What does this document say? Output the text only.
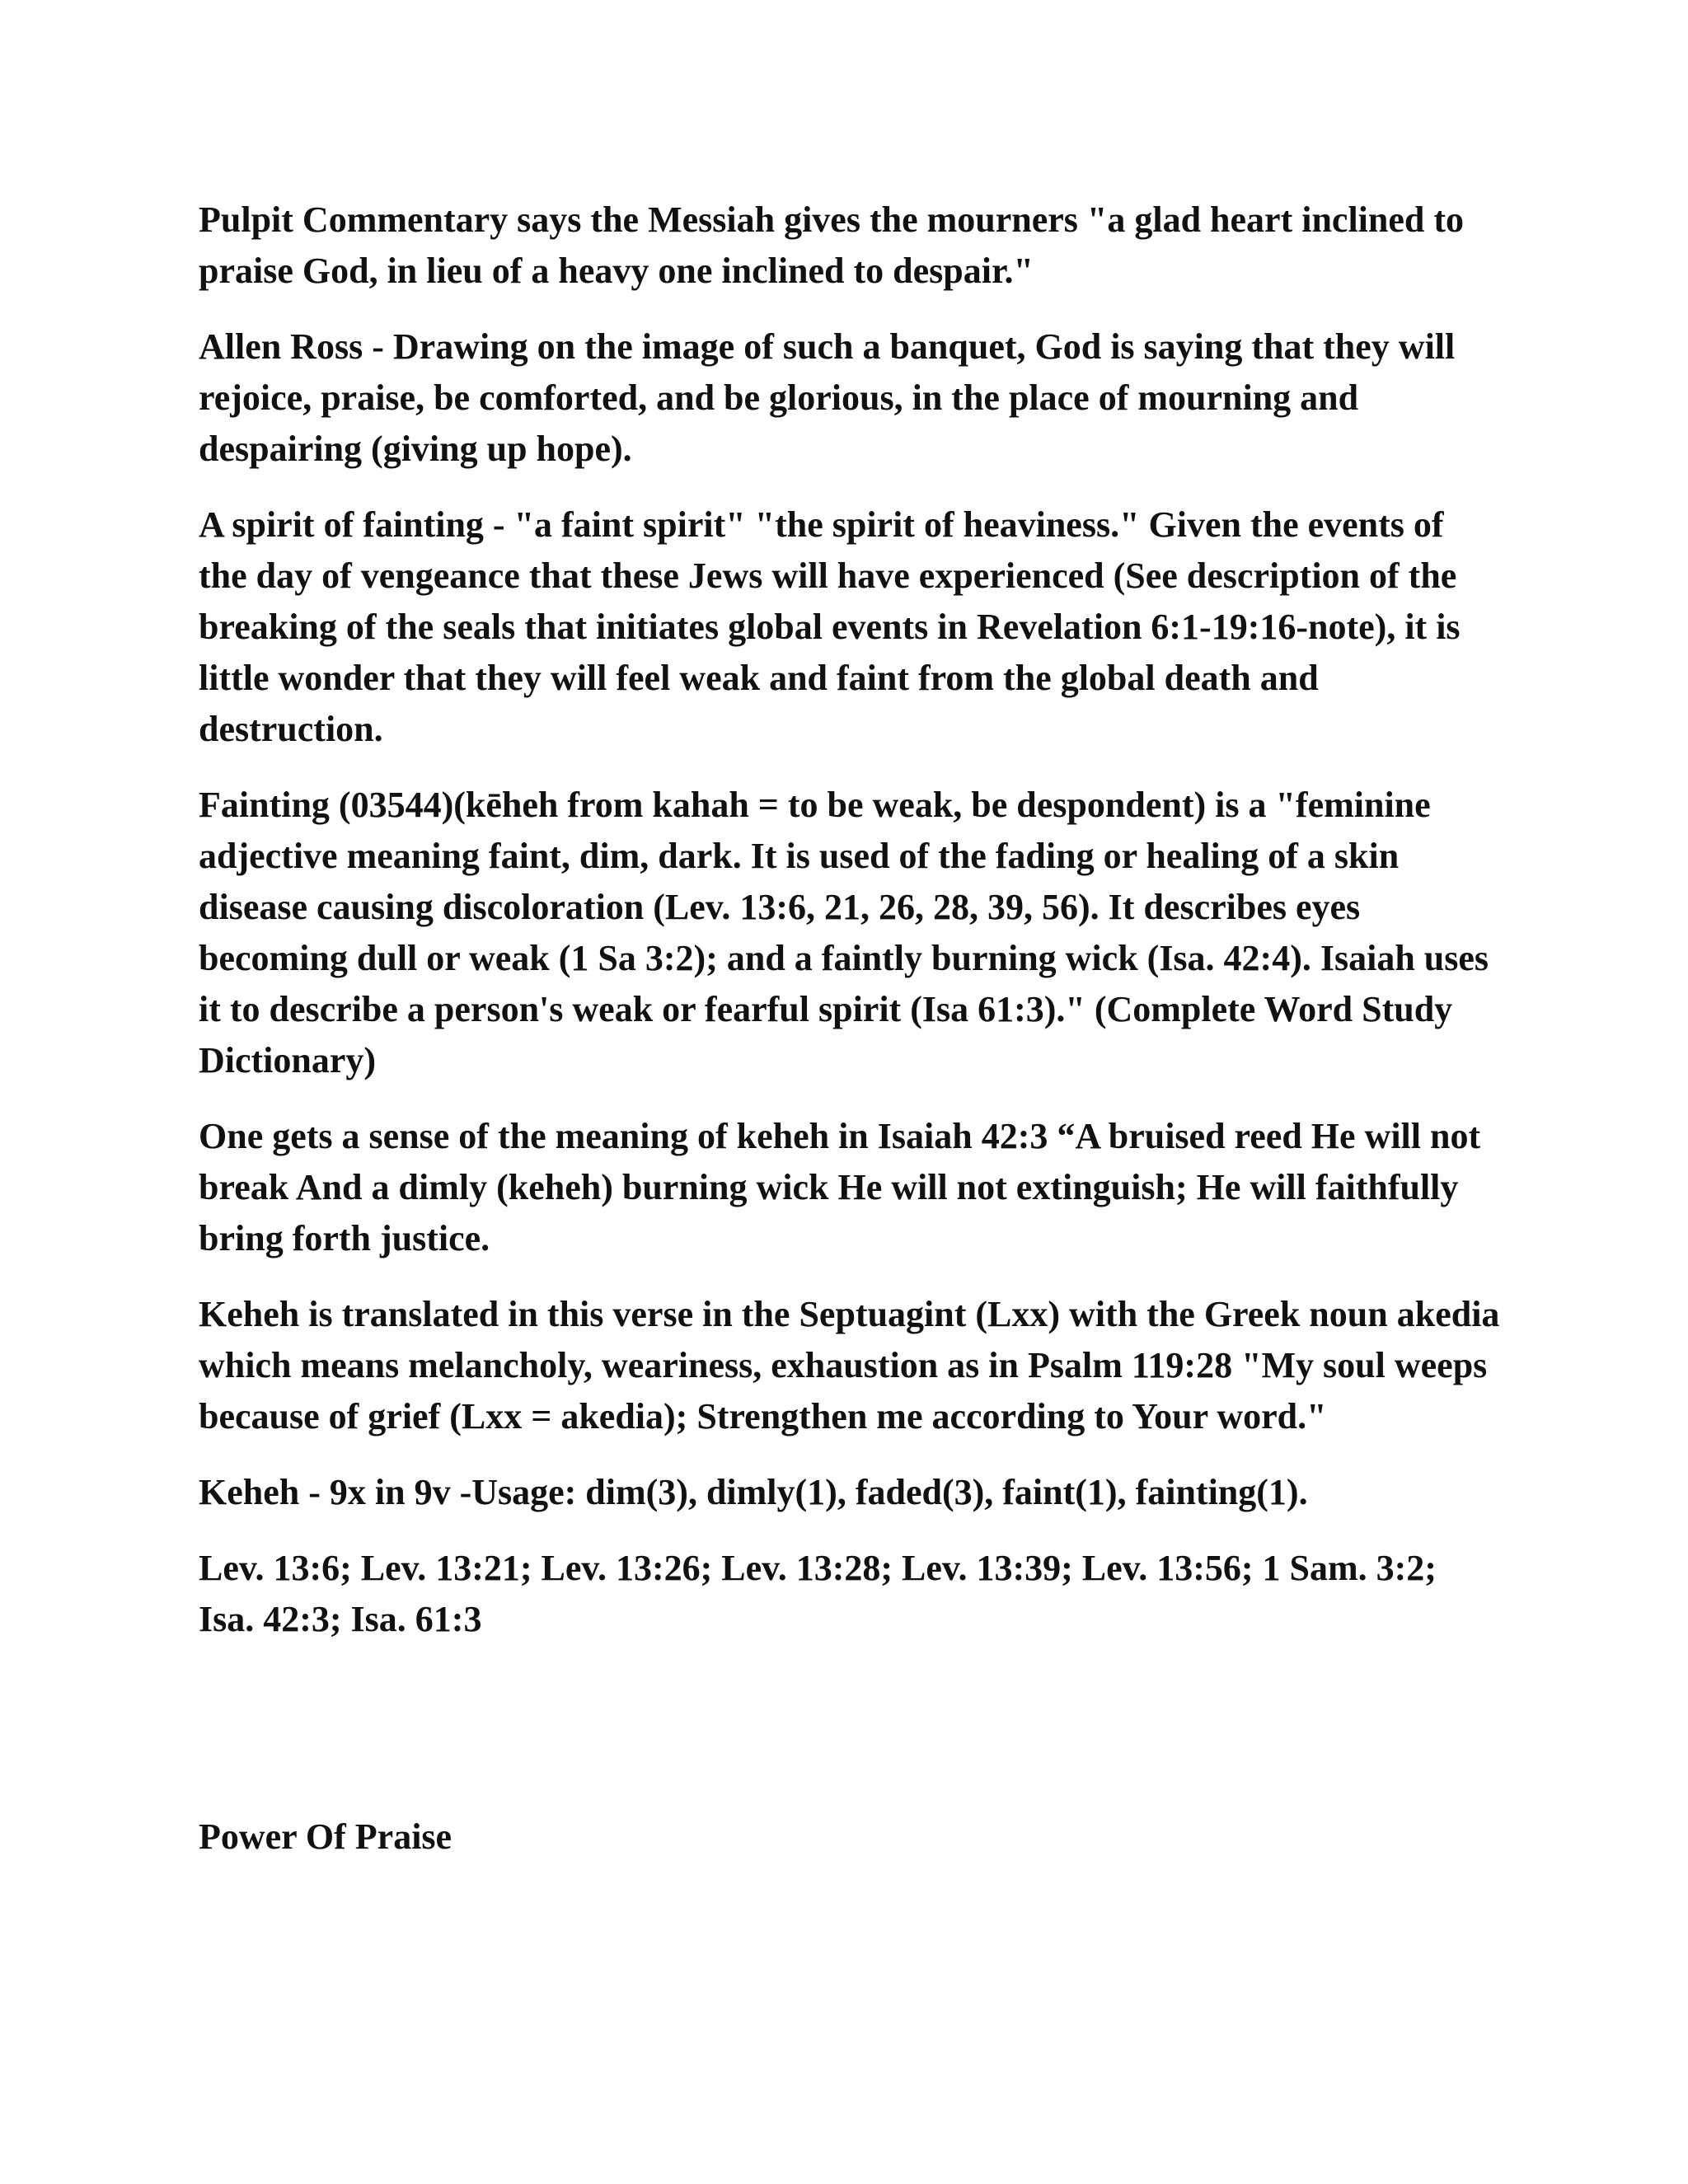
Pulpit Commentary says the Messiah gives the mourners "a glad heart inclined to praise God, in lieu of a heavy one inclined to despair."

Allen Ross - Drawing on the image of such a banquet, God is saying that they will rejoice, praise, be comforted, and be glorious, in the place of mourning and despairing (giving up hope).

A spirit of fainting - "a faint spirit" "the spirit of heaviness." Given the events of the day of vengeance that these Jews will have experienced (See description of the breaking of the seals that initiates global events in Revelation 6:1-19:16-note), it is little wonder that they will feel weak and faint from the global death and destruction.

Fainting (03544)(kēheh from kahah = to be weak, be despondent) is a "feminine adjective meaning faint, dim, dark. It is used of the fading or healing of a skin disease causing discoloration (Lev. 13:6, 21, 26, 28, 39, 56). It describes eyes becoming dull or weak (1 Sa 3:2); and a faintly burning wick (Isa. 42:4). Isaiah uses it to describe a person's weak or fearful spirit (Isa 61:3)." (Complete Word Study Dictionary)

One gets a sense of the meaning of keheh in Isaiah 42:3 “A bruised reed He will not break And a dimly (keheh) burning wick He will not extinguish; He will faithfully bring forth justice.

Keheh is translated in this verse in the Septuagint (Lxx) with the Greek noun akedia which means melancholy, weariness, exhaustion as in Psalm 119:28 "My soul weeps because of grief (Lxx = akedia); Strengthen me according to Your word."

Keheh - 9x in 9v -Usage: dim(3), dimly(1), faded(3), faint(1), fainting(1).

Lev. 13:6; Lev. 13:21; Lev. 13:26; Lev. 13:28; Lev. 13:39; Lev. 13:56; 1 Sam. 3:2; Isa. 42:3; Isa. 61:3

Power Of Praise
